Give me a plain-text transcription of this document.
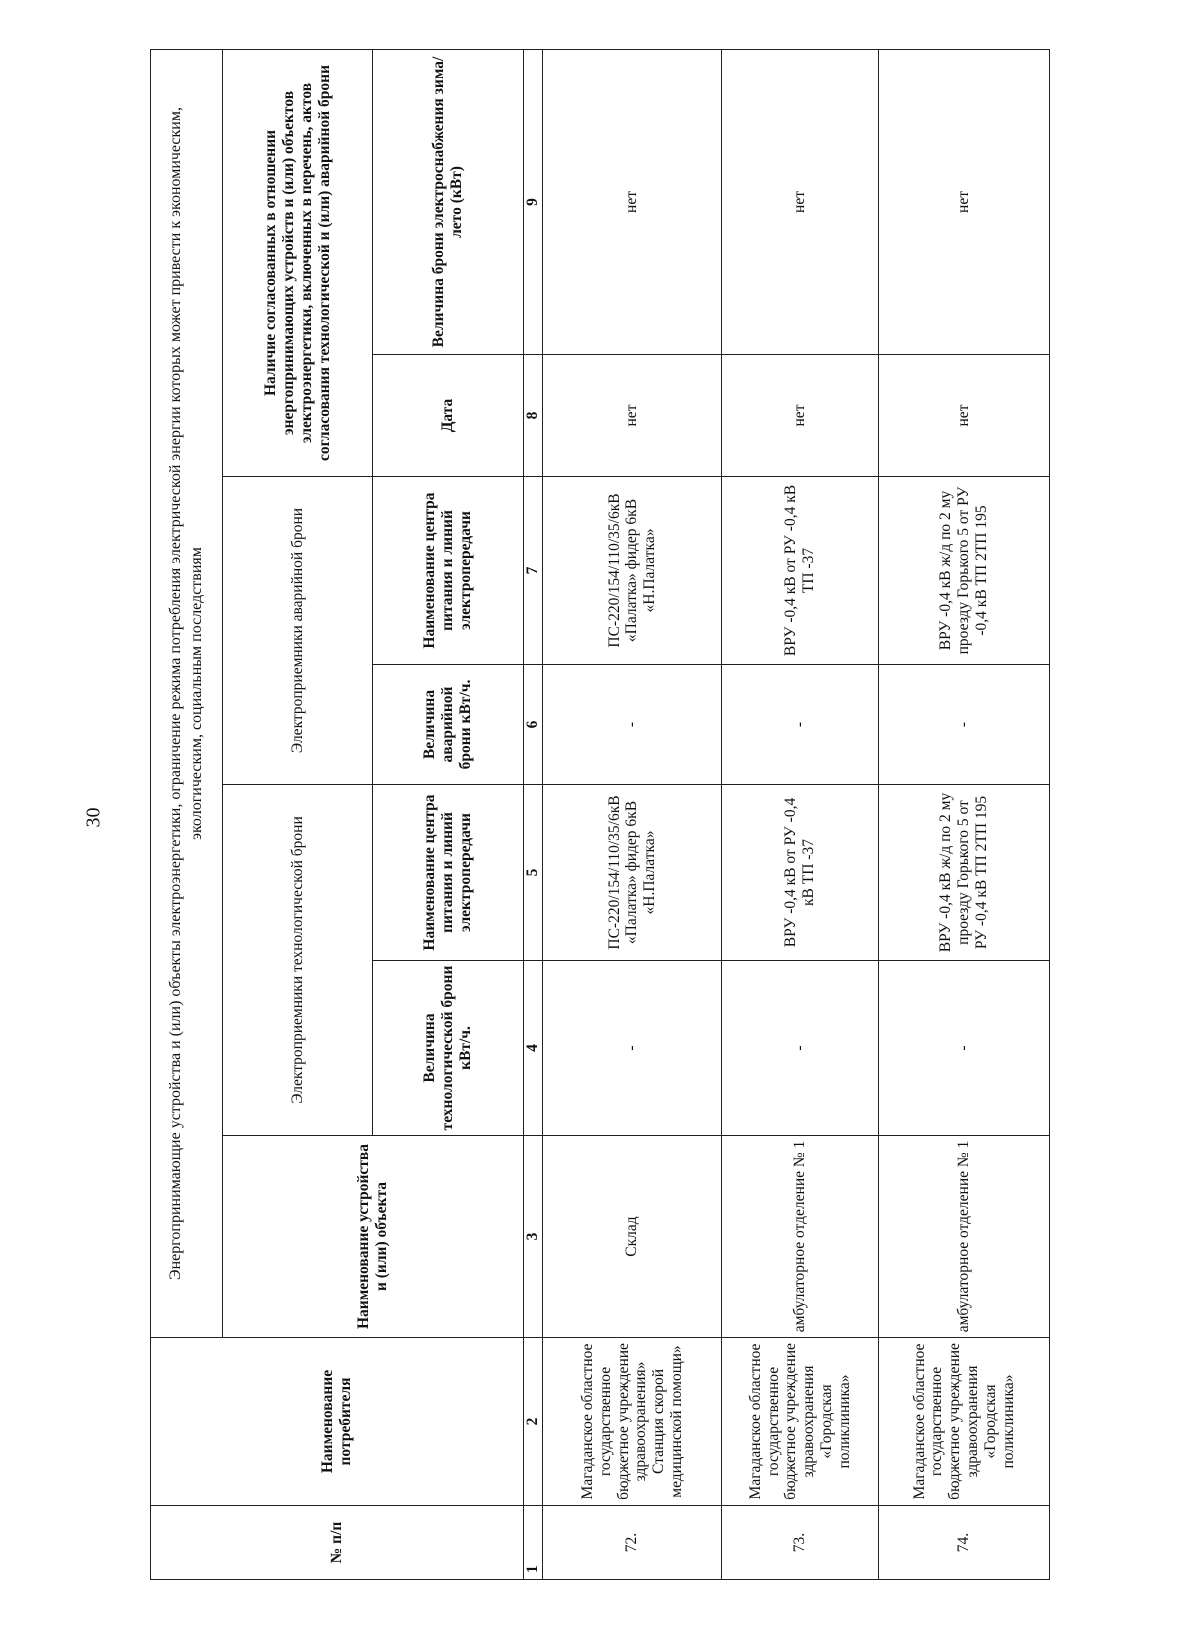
30
№ п/п	Наименование потребителя	Энергопринимающие устройства и (или) объекты электроэнергетики, ограничение режима потребления электрической энергии которых может привести к экономическим, экологическим, социальным последствиям						
		Наименование устройства и (или) объекта	Электроприемники технологической брони		Электроприемники аварийной брони		Наличие согласованных в отношении энергопринимающих устройств и (или) объектов электроэнергетики, включенных в перечень, актов согласования технологической и (или) аварийной брони	
			Величина технологической брони кВт/ч.	Наименование центра питания и линий электропередачи	Величина аварийной брони кВт/ч.	Наименование центра питания и линий электропередачи	Дата	Величина брони электроснабжения зима/лето (кВт)
1	2	3	4	5	6	7	8	9
72.	Магаданское областное государственное бюджетное учреждение здравоохранения» Станция скорой медицинской помощи»	Склад	-	ПС-220/154/110/35/6кВ «Палатка» фидер 6кВ «Н.Палатка»	-	ПС-220/154/110/35/6кВ «Палатка» фидер 6кВ «Н.Палатка»	нет	нет
73.	Магаданское областное государственное бюджетное учреждение здравоохранения «Городская поликлиника»	амбулаторное отделение № 1	-	ВРУ -0,4 кВ от РУ -0,4 кВ ТП -37	-	ВРУ -0,4 кВ от РУ -0,4 кВ ТП -37	нет	нет
74.	Магаданское областное государственное бюджетное учреждение здравоохранения «Городская поликлиника»	амбулаторное отделение № 1	-	ВРУ -0,4 кВ ж/д по 2 му проезду Горького 5 от РУ -0,4 кВ ТП 2ТП 195	-	ВРУ -0,4 кВ ж/д по 2 му проезду Горького 5 от РУ -0,4 кВ ТП 2ТП 195	нет	нет
